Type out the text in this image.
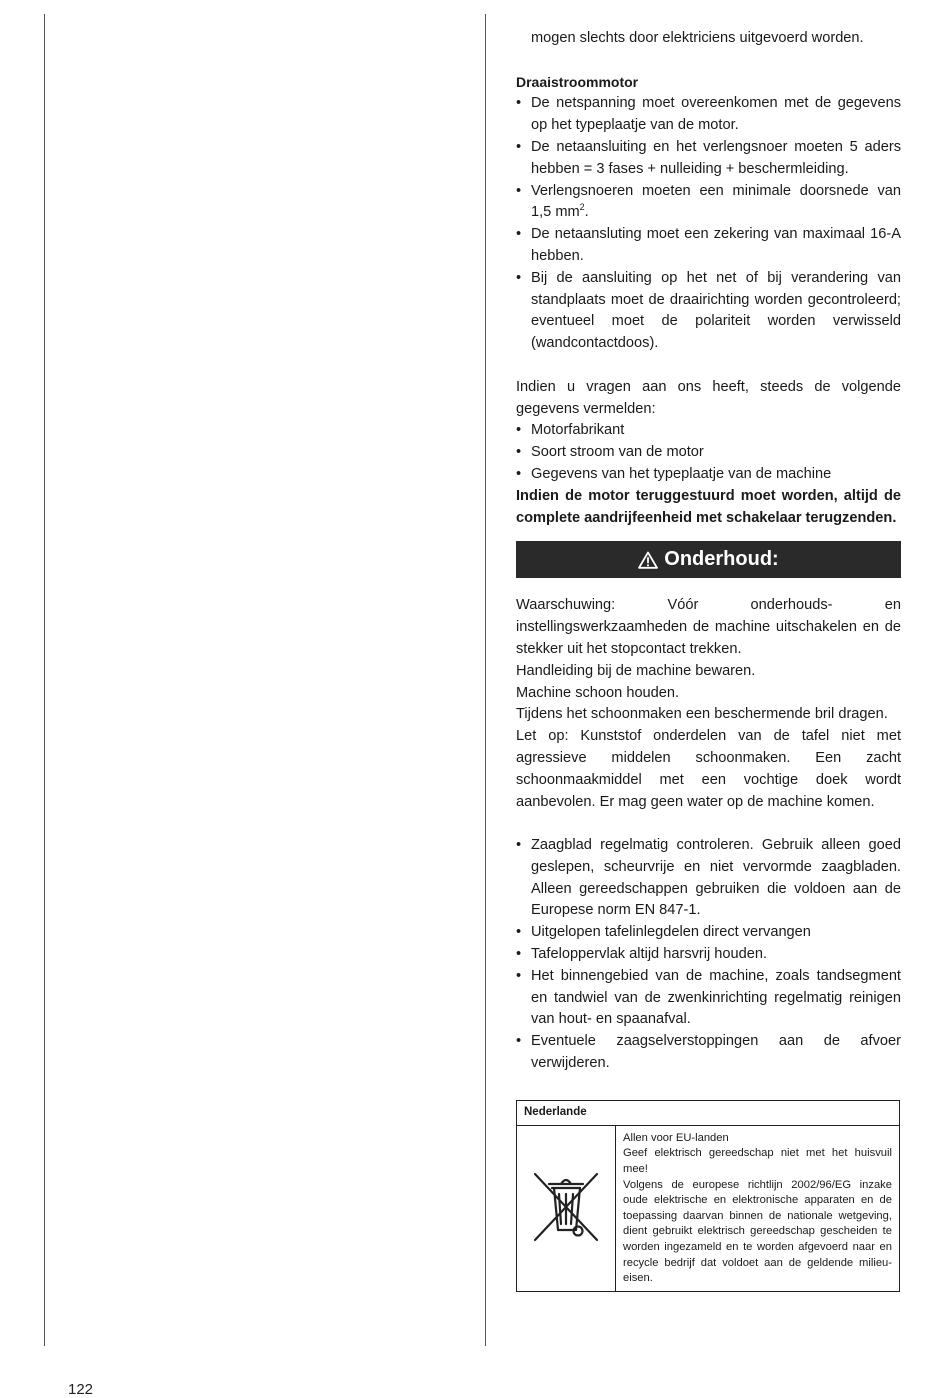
mogen slechts door elektriciens uitgevoerd worden.

Draaistroommotor

• De netspanning moet overeenkomen met de gegevens op het typeplaatje van de motor.
• De netaansluiting en het verlengsnoer moeten 5 aders hebben = 3 fases + nulleiding + beschermleiding.
• Verlengsnoeren moeten een minimale doorsnede van 1,5 $mm^2$.
• De netaansluting moet een zekering van maximaal 16-A hebben.
• Bij de aansluiting op het net of bij verandering van standplaats moet de draairichting worden gecontroleerd; eventueel moet de polariteit worden verwisseld (wandcontactdoos).

Indien u vragen aan ons heeft, steeds de volgende gegevens vermelden:

• Motorfabrikant
• Soort stroom van de motor
• Gegevens van het typeplaatje van de machine

Indien de motor teruggestuurd moet worden, altijd de complete aandrijfeenheid met schakelaar terugzenden.

Onderhoud:

Waarschuwing: Vóór onderhouds- en instellingswerkzaamheden de machine uitschakelen en de stekker uit het stopcontact trekken.

Handleiding bij de machine bewaren.

Machine schoon houden.

Tijdens het schoonmaken een beschermende bril dragen.

Let op: Kunststof onderdelen van de tafel niet met agressieve middelen schoonmaken. Een zacht schoonmaakmiddel met een vochtige doek wordt aanbevolen. Er mag geen water op de machine komen.

• Zaagblad regelmatig controleren. Gebruik alleen goed geslepen, scheurvrije en niet vervormde zaagbladen. Alleen gereedschappen gebruiken die voldoen aan de Europese norm EN 847-1.
• Uitgelopen tafelinlegdelen direct vervangen
• Tafeloppervlak altijd harsvrij houden.
• Het binnengebied van de machine, zoals tandsegment en tandwiel van de zwenkinrichting regelmatig reinigen van hout- en spaanafval.
• Eventuele zaagselverstoppingen aan de afvoer verwijderen.
Nederlande
Allen voor EU-landen
Geef elektrisch gereedschap niet met het huisvuil mee!
Volgens de europese richtlijn 2002/96/EG inzake oude elektrische en elektronische apparaten en de toepassing daarvan binnen de nationale wetgeving, dient gebruikt elektrisch gereedschap gescheiden te worden ingezameld en te worden afgevoerd naar en recycle bedrijf dat voldoet aan de geldende milieu-eisen.
122
